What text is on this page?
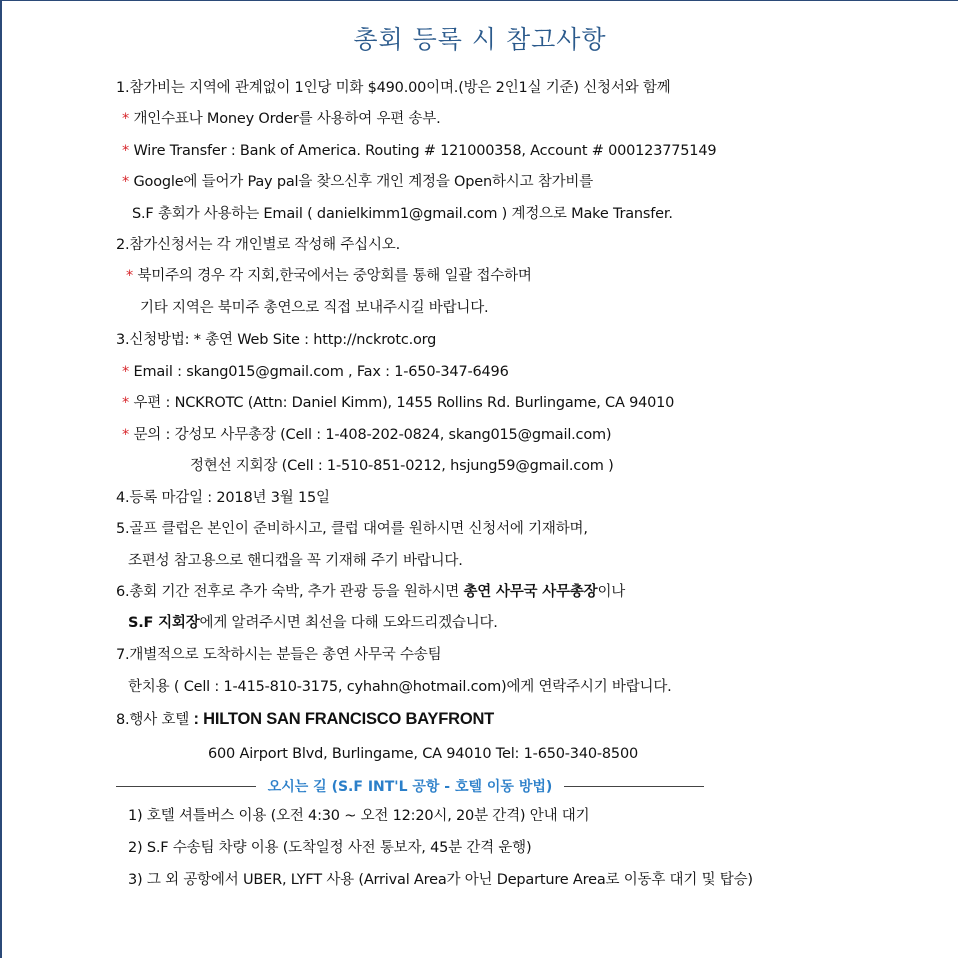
총회 등록 시 참고사항
1.참가비는 지역에 관계없이 1인당 미화 $490.00이며.(방은 2인1실 기준) 신청서와 함께
* 개인수표나 Money Order를 사용하여 우편 송부.
* Wire Transfer : Bank of America. Routing # 121000358, Account # 000123775149
* Google에 들어가 Pay pal을 찾으신후 개인 계정을 Open하시고 참가비를
S.F 총회가 사용하는 Email ( danielkimm1@gmail.com ) 계정으로 Make Transfer.
2.참가신청서는 각 개인별로 작성해 주십시오.
* 북미주의 경우 각 지회,한국에서는 중앙회를 통해 일괄 접수하며
기타 지역은 북미주 총연으로 직접 보내주시길 바랍니다.
3.신청방법: * 총연 Web Site : http://nckrotc.org
* Email : skang015@gmail.com , Fax : 1-650-347-6496
* 우편 : NCKROTC (Attn: Daniel Kimm), 1455 Rollins Rd. Burlingame, CA 94010
* 문의 : 강성모 사무총장 (Cell : 1-408-202-0824, skang015@gmail.com)
정현선 지회장 (Cell : 1-510-851-0212, hsjung59@gmail.com )
4.등록 마감일 : 2018년 3월 15일
5.골프 클럽은 본인이 준비하시고, 클럽 대여를 원하시면 신청서에 기재하며,
조편성 참고용으로 핸디캡을 꼭 기재해 주기 바랍니다.
6.총회 기간 전후로 추가 숙박, 추가 관광 등을 원하시면 총연 사무국 사무총장이나
S.F 지회장에게 알려주시면 최선을 다해 도와드리겠습니다.
7.개별적으로 도착하시는 분들은 총연 사무국 수송팀
한치용 ( Cell : 1-415-810-3175, cyhahn@hotmail.com)에게 연락주시기 바랍니다.
8.행사 호텔 : HILTON SAN FRANCISCO BAYFRONT
600 Airport Blvd, Burlingame, CA 94010 Tel: 1-650-340-8500
오시는 길 (S.F INT'L 공항 - 호텔 이동 방법)
1) 호텔 셔틀버스 이용 (오전 4:30 ~ 오전 12:20시, 20분 간격) 안내 대기
2) S.F 수송팀 차량 이용 (도착일정 사전 통보자, 45분 간격 운행)
3) 그 외 공항에서 UBER, LYFT 사용 (Arrival Area가 아닌 Departure Area로 이동후 대기 및 탑승)
